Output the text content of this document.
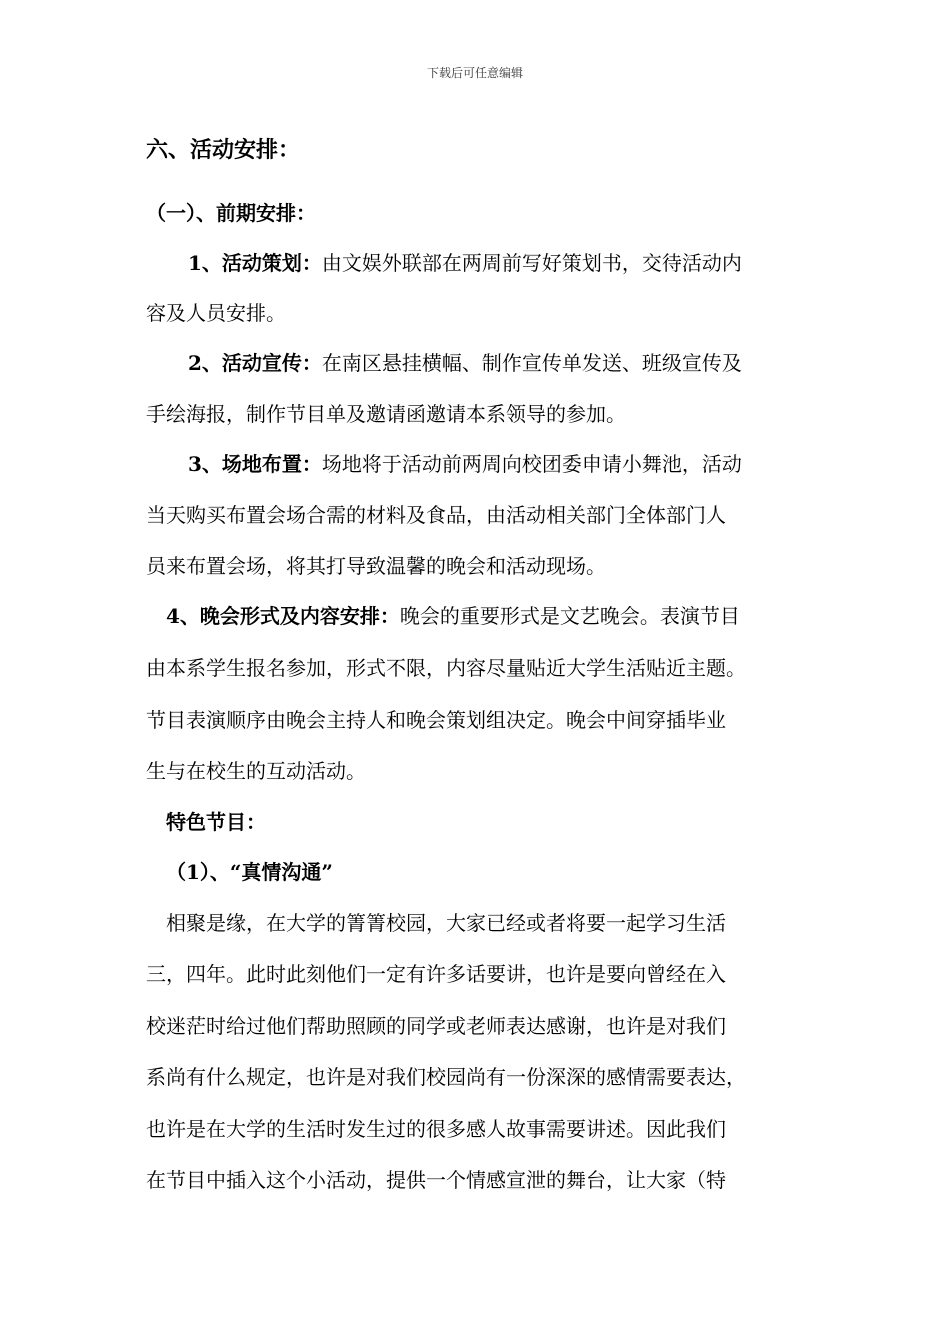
下载后可任意编辑
六、活动安排：
（一）、前期安排：
1、活动策划：由文娱外联部在两周前写好策划书，交待活动内
容及人员安排。
2、活动宣传：在南区悬挂横幅、制作宣传单发送、班级宣传及
手绘海报，制作节目单及邀请函邀请本系领导的参加。
3、场地布置：场地将于活动前两周向校团委申请小舞池，活动
当天购买布置会场合需的材料及食品，由活动相关部门全体部门人
员来布置会场，将其打导致温馨的晚会和活动现场。
4、晚会形式及内容安排：晚会的重要形式是文艺晚会。表演节目
由本系学生报名参加，形式不限，内容尽量贴近大学生活贴近主题。
节目表演顺序由晚会主持人和晚会策划组决定。晚会中间穿插毕业
生与在校生的互动活动。
特色节目：
（1）、“真情沟通”
相聚是缘，在大学的箐箐校园，大家已经或者将要一起学习生活
三，四年。此时此刻他们一定有许多话要讲，也许是要向曾经在入
校迷茫时给过他们帮助照顾的同学或老师表达感谢，也许是对我们
系尚有什么规定，也许是对我们校园尚有一份深深的感情需要表达，
也许是在大学的生活时发生过的很多感人故事需要讲述。因此我们
在节目中插入这个小活动，提供一个情感宣泄的舞台，让大家（特
